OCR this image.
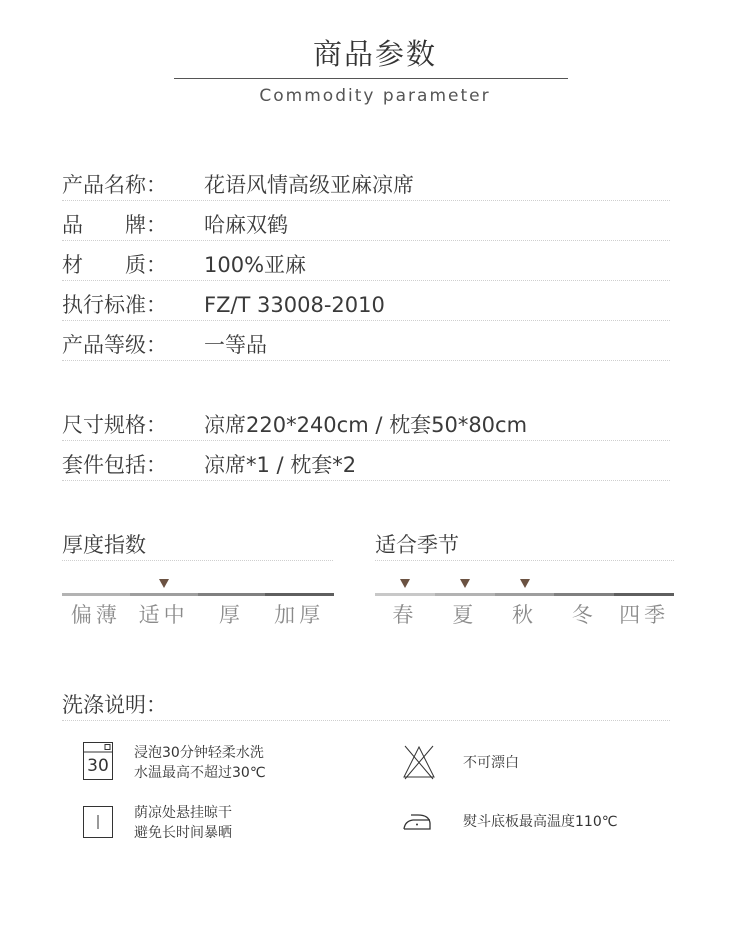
商品参数
Commodity parameter
产品名称：	花语风情高级亚麻凉席
品　　牌：	哈麻双鹤
材　　质：	100%亚麻
执行标准：	FZ/T 33008-2010
产品等级：	一等品
尺寸规格：	凉席220*240cm / 枕套50*80cm
套件包括：	凉席*1 / 枕套*2
厚度指数
偏薄 适中	厚	加厚
适合季节
春	夏	秋	冬	四季
洗涤说明：
30
浸泡30分钟轻柔水洗
水温最高不超过30℃
不可漂白
荫凉处悬挂晾干
避免长时间暴晒
熨斗底板最高温度110℃
